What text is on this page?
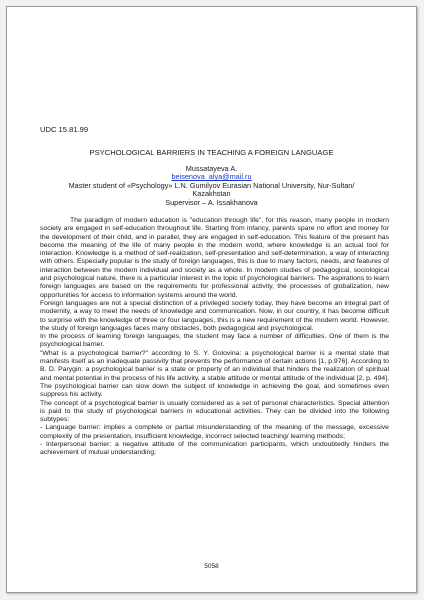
UDC 15.81.99
PSYCHOLOGICAL BARRIERS IN TEACHING A FOREIGN LANGUAGE
Mussatayeva A.
beisenova_alya@mail.ru
Master student of «Psychology» L.N. Gumilyov Eurasian National University, Nur-Sultan/
Kazakhstan
Supervisor – A. Issakhanova

The paradigm of modern education is "education through life", for this reason, many people in modern society are engaged in self-education throughout life. Starting from infancy, parents spare no effort and money for the development of their child, and in parallel, they are engaged in self-education. This feature of the present has become the meaning of the life of many people in the modern world, where knowledge is an actual tool for interaction. Knowledge is a method of self-realization, self-presentation and self-determination, a way of interacting with others. Especially popular is the study of foreign languages, this is due to many factors, needs, and features of interaction between the modern individual and society as a whole. In modern studies of pedagogical, sociological and psychological nature, there is a particular interest in the topic of psychological barriers. The aspirations to learn foreign languages are based on the requirements for professional activity, the processes of globalization, new opportunities for access to information systems around the world.

Foreign languages are not a special distinction of a privileged society today, they have become an integral part of modernity, a way to meet the needs of knowledge and communication. Now, in our country, it has become difficult to surprise with the knowledge of three or four languages, this is a new requirement of the modern world. However, the study of foreign languages faces many obstacles, both pedagogical and psychological.

In the process of learning foreign languages, the student may face a number of difficulties. One of them is the psychological barrier.

"What is a psychological barrier?" according to S. Y. Golovina: a psychological barrier is a mental state that manifests itself as an inadequate passivity that prevents the performance of certain actions [1, p.976]. According to B. D. Parygin: a psychological barrier is a state or property of an individual that hinders the realization of spiritual and mental potential in the process of his life activity, a stable attitude or mental attitude of the individual [2, p. 494]. The psychological barrier can slow down the subject of knowledge in achieving the goal, and sometimes even suppress his activity.

The concept of a psychological barrier is usually considered as a set of personal characteristics. Special attention is paid to the study of psychological barriers in educational activities. They can be divided into the following subtypes:

- Language barrier: implies a complete or partial misunderstanding of the meaning of the message, excessive complexity of the presentation, insufficient knowledge, incorrect selected teaching/ learning methods;

- Interpersonal barrier: a negative attitude of the communication participants, which undoubtedly hinders the achievement of mutual understanding;

5058
